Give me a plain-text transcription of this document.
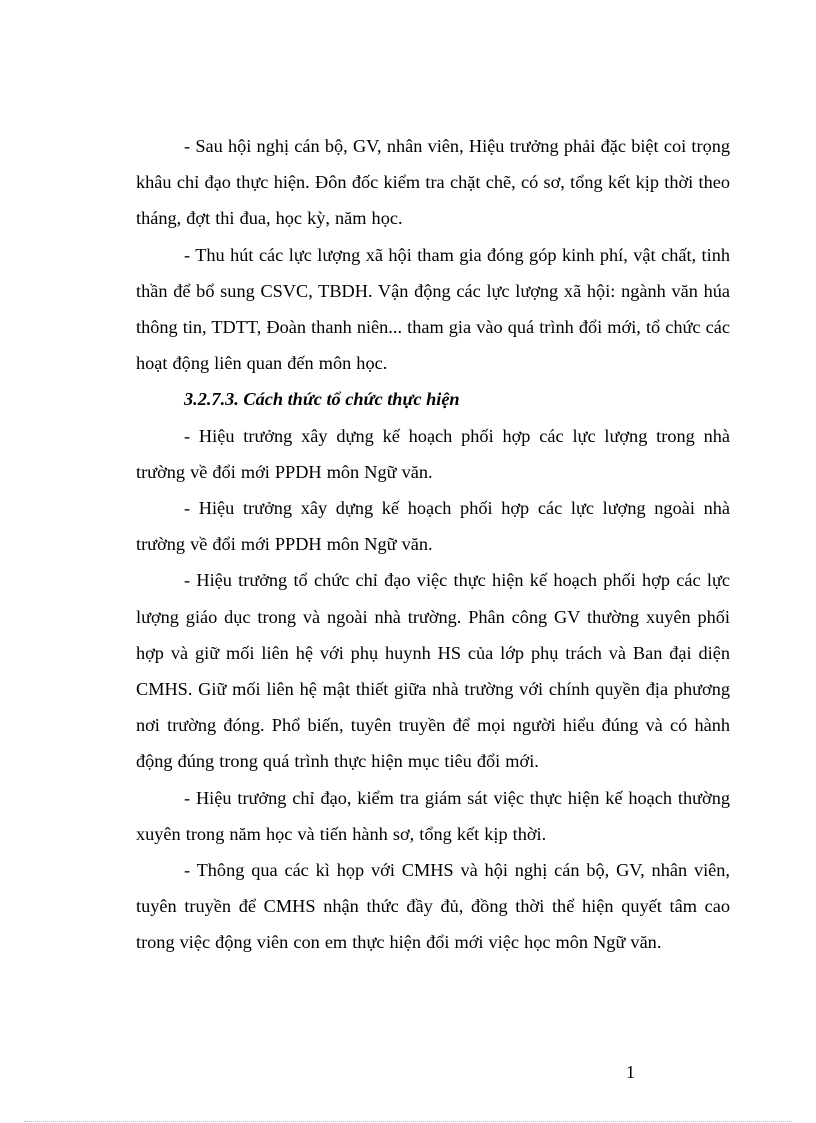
- Sau hội nghị cán bộ, GV, nhân viên, Hiệu trưởng phải đặc biệt coi trọng khâu chỉ đạo thực hiện. Đôn đốc kiểm tra chặt chẽ, có sơ, tổng kết kịp thời theo tháng, đợt thi đua, học kỳ, năm học.

- Thu hút các lực lượng xã hội tham gia đóng góp kinh phí, vật chất, tinh thần để bổ sung CSVC, TBDH. Vận động các lực lượng xã hội: ngành văn húa thông tin, TDTT, Đoàn thanh niên... tham gia vào quá trình đổi mới, tổ chức các hoạt động liên quan đến môn học.

3.2.7.3. Cách thức tổ chức thực hiện

- Hiệu trưởng xây dựng kế hoạch phối hợp các lực lượng trong nhà trường về đổi mới PPDH môn Ngữ văn.

- Hiệu trưởng xây dựng kế hoạch phối hợp các lực lượng ngoài nhà trường về đổi mới PPDH môn Ngữ văn.

- Hiệu trưởng tổ chức chỉ đạo việc thực hiện kế hoạch phối hợp các lực lượng giáo dục trong và ngoài nhà trường. Phân công GV thường xuyên phối hợp và giữ mối liên hệ với phụ huynh HS của lớp phụ trách và Ban đại diện CMHS. Giữ mối liên hệ mật thiết giữa nhà trường với chính quyền địa phương nơi trường đóng. Phổ biến, tuyên truyền để mọi người hiểu đúng và có hành động đúng trong quá trình thực hiện mục tiêu đổi mới.

- Hiệu trưởng chỉ đạo, kiểm tra giám sát việc thực hiện kế hoạch thường xuyên trong năm học và tiến hành sơ, tổng kết kịp thời.

- Thông qua các kì họp với CMHS và hội nghị cán bộ, GV, nhân viên, tuyên truyền để CMHS nhận thức đầy đủ, đồng thời thể hiện quyết tâm cao trong việc động viên con em thực hiện đổi mới việc học môn Ngữ văn.

1
